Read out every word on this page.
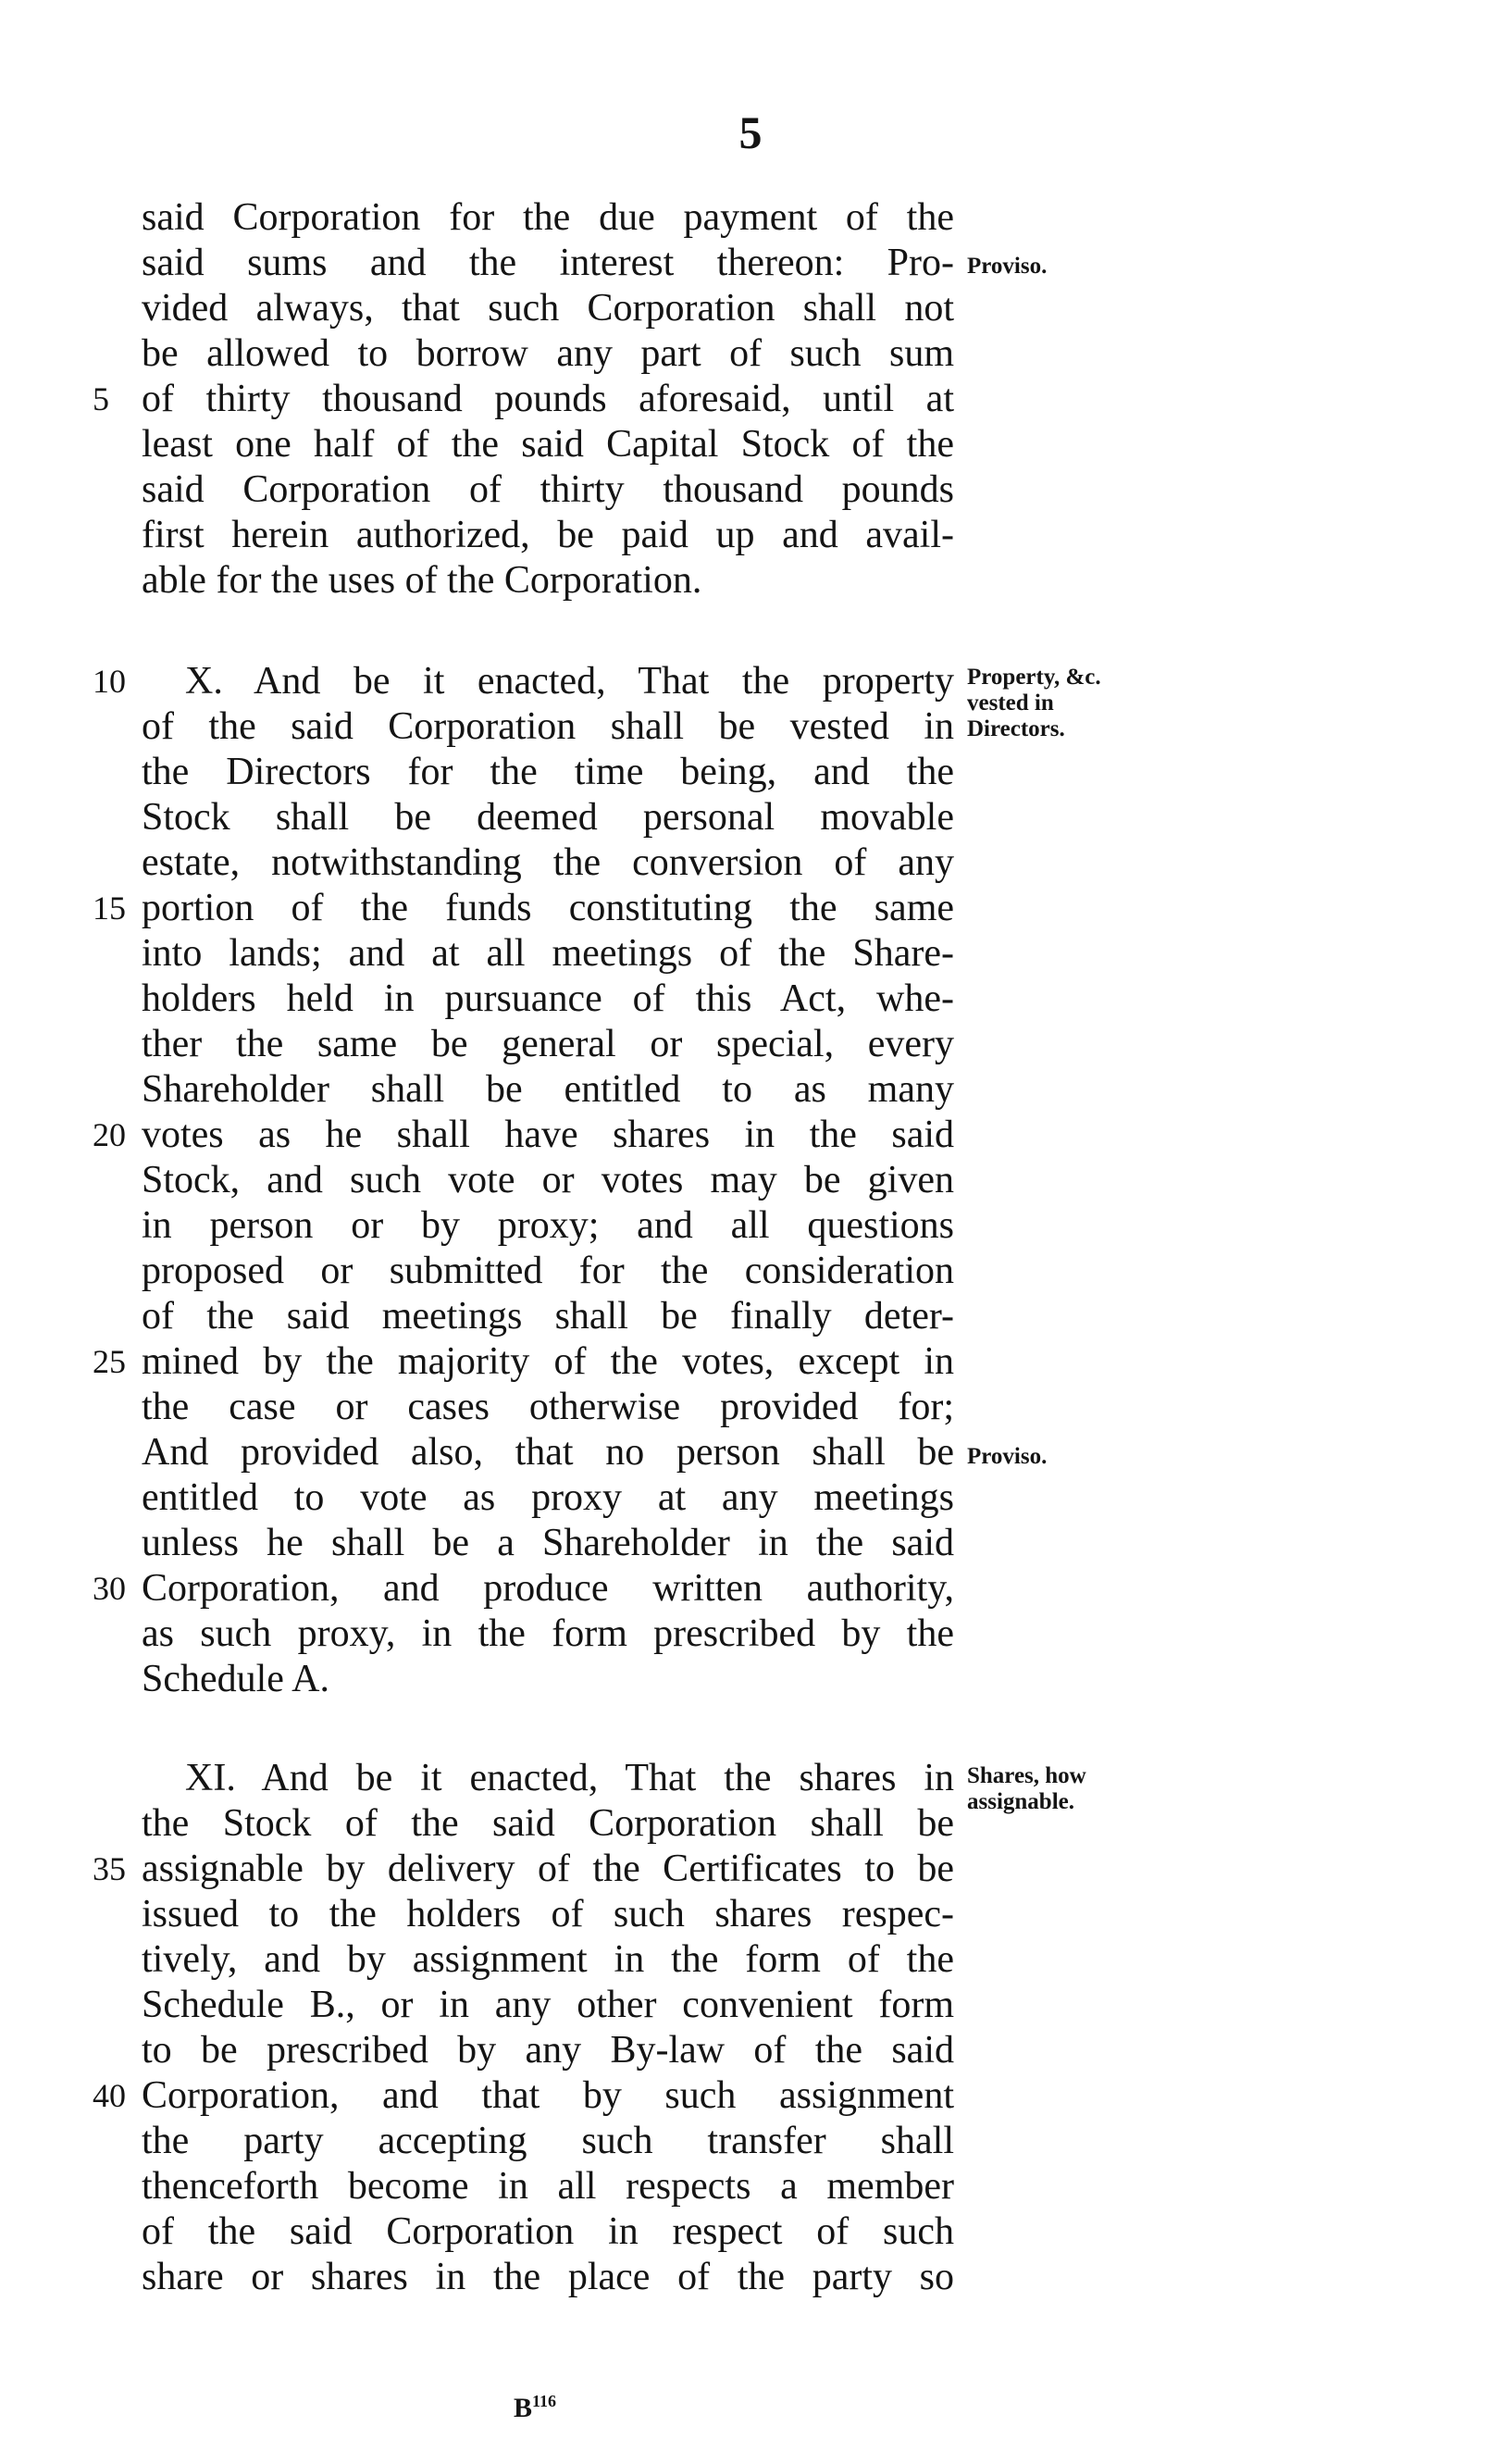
5
said Corporation for the due payment of the
said sums and the interest thereon: Pro-
vided always, that such Corporation shall not
be allowed to borrow any part of such sum
5 of thirty thousand pounds aforesaid, until at
least one half of the said Capital Stock of the
said Corporation of thirty thousand pounds
first herein authorized, be paid up and avail-
able for the uses of the Corporation.
10 X. And be it enacted, That the property
of the said Corporation shall be vested in
the Directors for the time being, and the
Stock shall be deemed personal movable
estate, notwithstanding the conversion of any
15 portion of the funds constituting the same
into lands; and at all meetings of the Share-
holders held in pursuance of this Act, whe-
ther the same be general or special, every
Shareholder shall be entitled to as many
20 votes as he shall have shares in the said
Stock, and such vote or votes may be given
in person or by proxy; and all questions
proposed or submitted for the consideration
of the said meetings shall be finally deter-
25 mined by the majority of the votes, except in
the case or cases otherwise provided for;
And provided also, that no person shall be
entitled to vote as proxy at any meetings
unless he shall be a Shareholder in the said
30 Corporation, and produce written authority,
as such proxy, in the form prescribed by the
Schedule A.
XI. And be it enacted, That the shares in
the Stock of the said Corporation shall be
35 assignable by delivery of the Certificates to be
issued to the holders of such shares respec-
tively, and by assignment in the form of the
Schedule B., or in any other convenient form
to be prescribed by any By-law of the said
40 Corporation, and that by such assignment
the party accepting such transfer shall
thenceforth become in all respects a member
of the said Corporation in respect of such
share or shares in the place of the party so
Proviso.
Property, &c. vested in Directors.
Proviso.
Shares, how assignable.
$B^{116}$
